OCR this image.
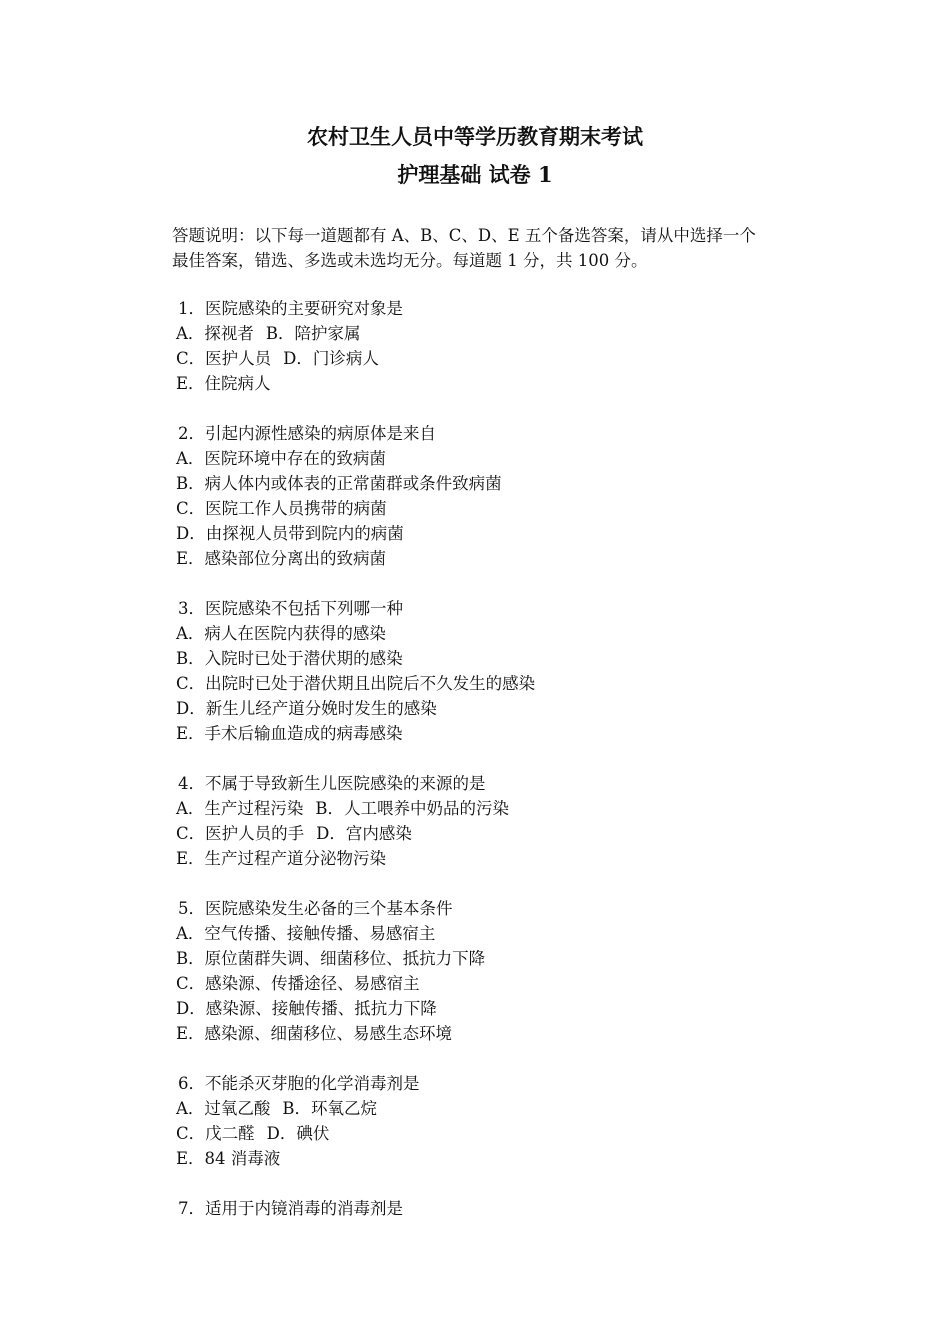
农村卫生人员中等学历教育期末考试
护理基础 试卷 1
答题说明：以下每一道题都有 A、B、C、D、E 五个备选答案，请从中选择一个
最佳答案，错选、多选或未选均无分。每道题 1 分，共 100 分。
1．医院感染的主要研究对象是
A．探视者 B．陪护家属
C．医护人员 D．门诊病人
E．住院病人
2．引起内源性感染的病原体是来自
A．医院环境中存在的致病菌
B．病人体内或体表的正常菌群或条件致病菌
C．医院工作人员携带的病菌
D．由探视人员带到院内的病菌
E．感染部位分离出的致病菌
3．医院感染不包括下列哪一种
A．病人在医院内获得的感染
B．入院时已处于潜伏期的感染
C．出院时已处于潜伏期且出院后不久发生的感染
D．新生儿经产道分娩时发生的感染
E．手术后输血造成的病毒感染
4．不属于导致新生儿医院感染的来源的是
A．生产过程污染 B．人工喂养中奶品的污染
C．医护人员的手 D．宫内感染
E．生产过程产道分泌物污染
5．医院感染发生必备的三个基本条件
A．空气传播、接触传播、易感宿主
B．原位菌群失调、细菌移位、抵抗力下降
C．感染源、传播途径、易感宿主
D．感染源、接触传播、抵抗力下降
E．感染源、细菌移位、易感生态环境
6．不能杀灭芽胞的化学消毒剂是
A．过氧乙酸 B．环氧乙烷
C．戊二醛 D．碘伏
E．84 消毒液
7．适用于内镜消毒的消毒剂是
